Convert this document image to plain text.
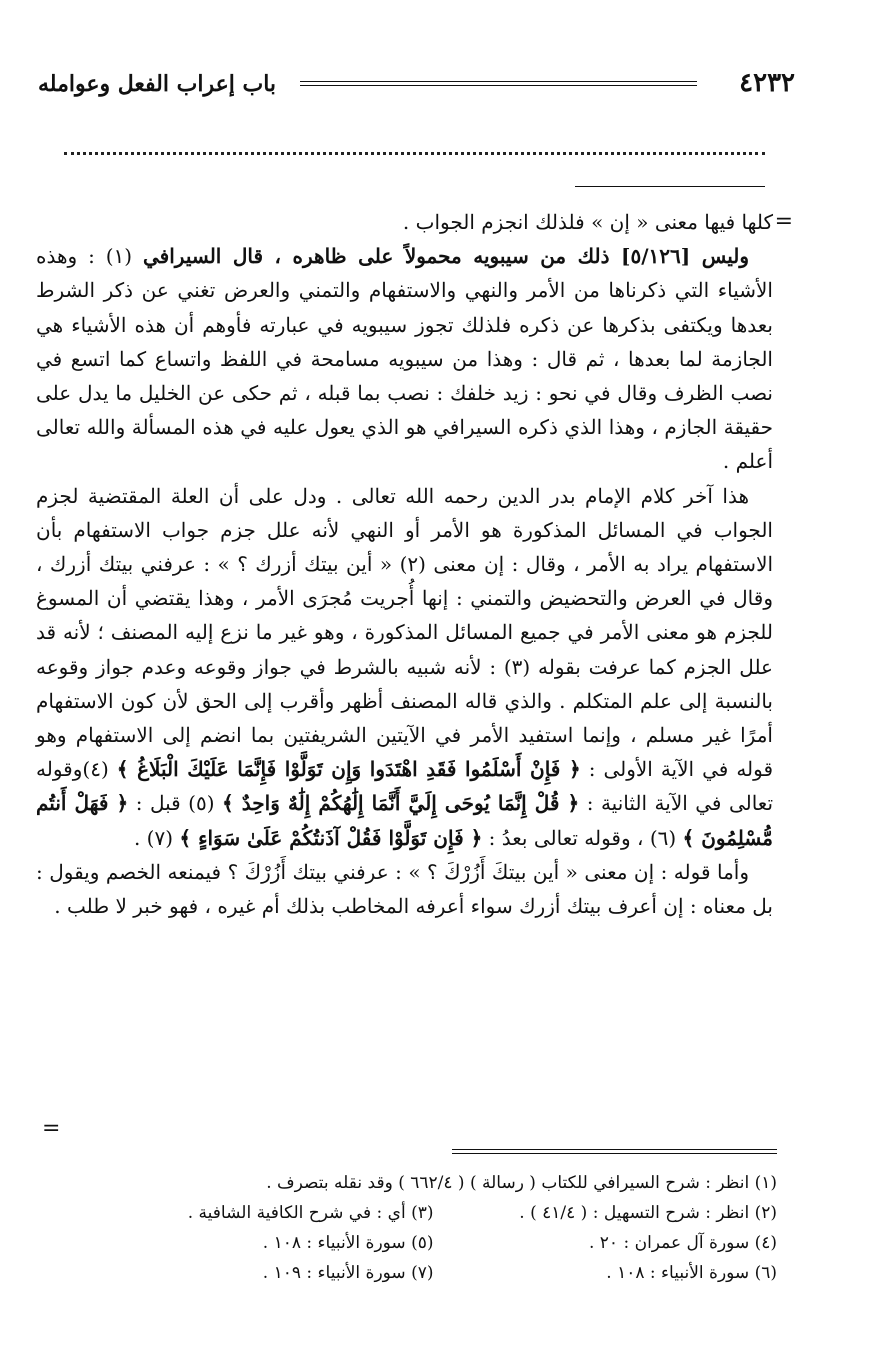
٤٢٣٢
باب إعراب الفعل وعوامله
=

كلها فيها معنى « إن » فلذلك انجزم الجواب .

وليس [٥/١٢٦] ذلك من سيبويه محمولاً على ظاهره ، قال السيرافي (١) : وهذه الأشياء التي ذكرناها من الأمر والنهي والاستفهام والتمني والعرض تغني عن ذكر الشرط بعدها ويكتفى بذكرها عن ذكره فلذلك تجوز سيبويه في عبارته فأوهم أن هذه الأشياء هي الجازمة لما بعدها ، ثم قال : وهذا من سيبويه مسامحة في اللفظ واتساع كما اتسع في نصب الظرف وقال في نحو : زيد خلفك : نصب بما قبله ، ثم حكى عن الخليل ما يدل على حقيقة الجازم ، وهذا الذي ذكره السيرافي هو الذي يعول عليه في هذه المسألة والله تعالى أعلم .

هذا آخر كلام الإمام بدر الدين رحمه الله تعالى . ودل على أن العلة المقتضية لجزم الجواب في المسائل المذكورة هو الأمر أو النهي لأنه علل جزم جواب الاستفهام بأن الاستفهام يراد به الأمر ، وقال : إن معنى (٢) « أين بيتك أزرك ؟ » : عرفني بيتك أزرك ، وقال في العرض والتحضيض والتمني : إنها أُجريت مُجرَى الأمر ، وهذا يقتضي أن المسوغ للجزم هو معنى الأمر في جميع المسائل المذكورة ، وهو غير ما نزع إليه المصنف ؛ لأنه قد علل الجزم كما عرفت بقوله (٣) : لأنه شبيه بالشرط في جواز وقوعه وعدم جواز وقوعه بالنسبة إلى علم المتكلم . والذي قاله المصنف أظهر وأقرب إلى الحق لأن كون الاستفهام أمرًا غير مسلم ، وإنما استفيد الأمر في الآيتين الشريفتين بما انضم إلى الاستفهام وهو قوله في الآية الأولى : ﴿ فَإِنْ أَسْلَمُوا فَقَدِ اهْتَدَوا وَإِن تَوَلَّوْا فَإِنَّمَا عَلَيْكَ الْبَلَاغُ ﴾ (٤)وقوله تعالى في الآية الثانية : ﴿ قُلْ إِنَّمَا يُوحَى إِلَيَّ أَنَّمَا إِلَٰهُكُمْ إِلَٰهٌ وَاحِدٌ ﴾ (٥) قبل : ﴿ فَهَلْ أَنتُم مُّسْلِمُونَ ﴾ (٦) ، وقوله تعالى بعدُ : ﴿ فَإِن تَوَلَّوْا فَقُلْ آذَنتُكُمْ عَلَىٰ سَوَاءٍ ﴾ (٧) .

وأما قوله : إن معنى « أين بيتكَ أَزُرْكَ ؟ » : عرفني بيتك أَزُرْكَ ؟ فيمنعه الخصم ويقول : بل معناه : إن أعرف بيتك أزرك سواء أعرفه المخاطب بذلك أم غيره ، فهو خبر لا طلب .

=
(١) انظر : شرح السيرافي للكتاب ( رسالة ) ( ٦٦٢/٤ ) وقد نقله بتصرف .
(٢) انظر : شرح التسهيل : ( ٤١/٤ ) .
(٣) أي : في شرح الكافية الشافية .
(٤) سورة آل عمران : ٢٠ .
(٥) سورة الأنبياء : ١٠٨ .
(٦) سورة الأنبياء : ١٠٨ .
(٧) سورة الأنبياء : ١٠٩ .
